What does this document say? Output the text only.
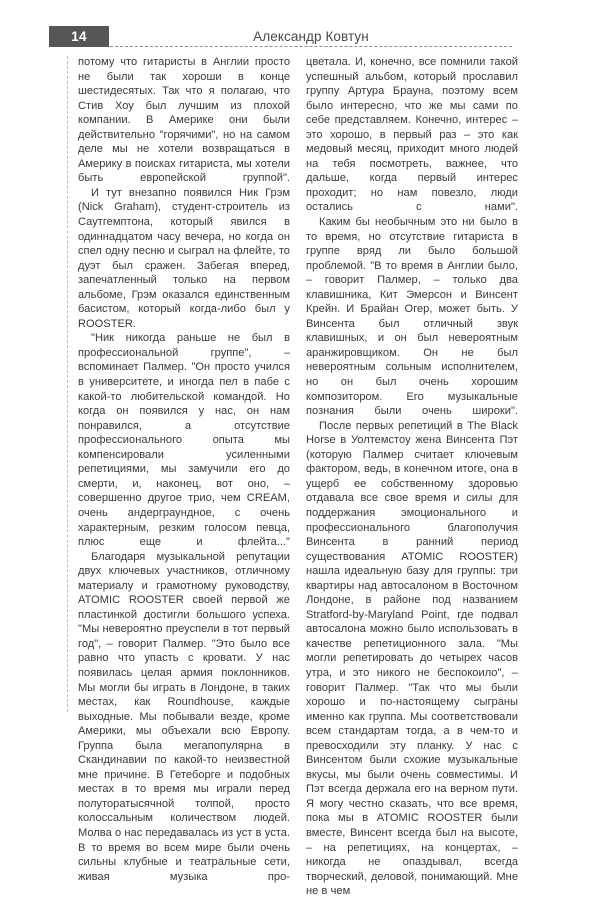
14	Александр Ковтун

потому что гитаристы в Англии просто не были так хороши в конце шестидесятых. Так что я полагаю, что Стив Хоу был лучшим из плохой компании. В Америке они были действительно "горячими", но на самом деле мы не хотели возвращаться в Америку в поисках гитариста, мы хотели быть европейской группой".

И тут внезапно появился Ник Грэм (Nick Graham), студент-строитель из Саутгемптона, который явился в одиннадцатом часу вечера, но когда он спел одну песню и сыграл на флейте, то дуэт был сражен. Забегая вперед, запечатленный только на первом альбоме, Грэм оказался единственным басистом, который когда-либо был у ROOSTER.

"Ник никогда раньше не был в профессиональной группе", – вспоминает Палмер. "Он просто учился в университете, и иногда пел в пабе с какой-то любительской командой. Но когда он появился у нас, он нам понравился, а отсутствие профессионального опыта мы компенсировали усиленными репетициями, мы замучили его до смерти, и, наконец, вот оно, – совершенно другое трио, чем CREAM, очень андерграундное, с очень характерным, резким голосом певца, плюс еще и флейта..."

Благодаря музыкальной репутации двух ключевых участников, отличному материалу и грамотному руководству, ATOMIC ROOSTER своей первой же пластинкой достигли большого успеха. "Мы невероятно преуспели в тот первый год", – говорит Палмер. "Это было все равно что упасть с кровати. У нас появилась целая армия поклонников. Мы могли бы играть в Лондоне, в таких местах, как Roundhouse, каждые выходные. Мы побывали везде, кроме Америки, мы объехали всю Европу. Группа была мегапопулярна в Скандинавии по какой-то неизвестной мне причине. В Гетеборге и подобных местах в то время мы играли перед полуторатысячной толпой, просто колоссальным количеством людей. Молва о нас передавалась из уст в уста. В то время во всем мире были очень сильны клубные и театральные сети, живая музыка про-

цветала. И, конечно, все помнили такой успешный альбом, который прославил группу Артура Брауна, поэтому всем было интересно, что же мы сами по себе представляем. Конечно, интерес – это хорошо, в первый раз – это как медовый месяц, приходит много людей на тебя посмотреть, важнее, что дальше, когда первый интерес проходит; но нам повезло, люди остались с нами".

Каким бы необычным это ни было в то время, но отсутствие гитариста в группе вряд ли было большой проблемой. "В то время в Англии было, – говорит Палмер, – только два клавишника, Кит Эмерсон и Винсент Крейн. И Брайан Огер, может быть. У Винсента был отличный звук клавишных, и он был невероятным аранжировщиком. Он не был невероятным сольным исполнителем, но он был очень хорошим композитором. Его музыкальные познания были очень широки".

После первых репетиций в The Black Horse в Уолтемстоу жена Винсента Пэт (которую Палмер считает ключевым фактором, ведь, в конечном итоге, она в ущерб ее собственному здоровью отдавала все свое время и силы для поддержания эмоционального и профессионального благополучия Винсента в ранний период существования ATOMIC ROOSTER) нашла идеальную базу для группы: три квартиры над автосалоном в Восточном Лондоне, в районе под названием Stratford-by-Maryland Point, где подвал автосалона можно было использовать в качестве репетиционного зала. "Мы могли репетировать до четырех часов утра, и это никого не беспокоило", – говорит Палмер. "Так что мы были хорошо и по-настоящему сыграны именно как группа. Мы соответствовали всем стандартам тогда, а в чем-то и превосходили эту планку. У нас с Винсентом были схожие музыкальные вкусы, мы были очень совместимы. И Пэт всегда держала его на верном пути. Я могу честно сказать, что все время, пока мы в ATOMIC ROOSTER были вместе, Винсент всегда был на высоте, – на репетициях, на концертах, – никогда не опаздывал, всегда творческий, деловой, понимающий. Мне не в чем
